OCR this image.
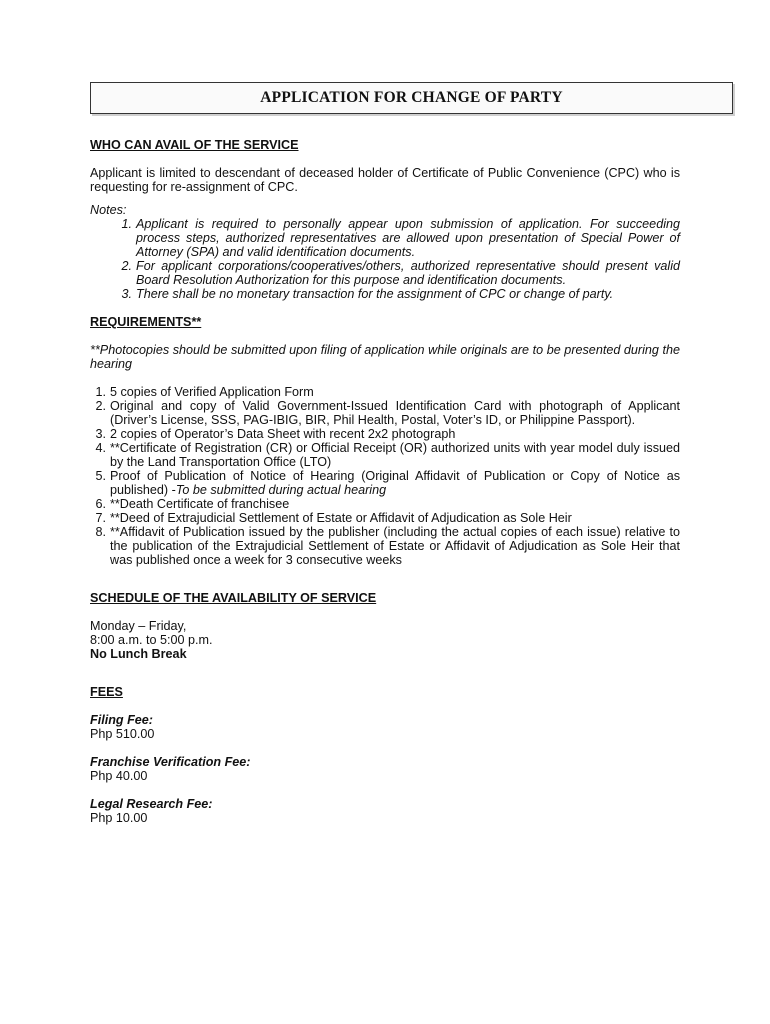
APPLICATION FOR CHANGE OF PARTY
WHO CAN AVAIL OF THE SERVICE

Applicant is limited to descendant of deceased holder of Certificate of Public Convenience (CPC) who is requesting for re-assignment of CPC.

Notes:

1. Applicant is required to personally appear upon submission of application. For succeeding process steps, authorized representatives are allowed upon presentation of Special Power of Attorney (SPA) and valid identification documents.
2. For applicant corporations/cooperatives/others, authorized representative should present valid Board Resolution Authorization for this purpose and identification documents.
3. There shall be no monetary transaction for the assignment of CPC or change of party.
REQUIREMENTS**

**Photocopies should be submitted upon filing of application while originals are to be presented during the hearing

1. 5 copies of Verified Application Form
2. Original and copy of Valid Government-Issued Identification Card with photograph of Applicant (Driver’s License, SSS, PAG-IBIG, BIR, Phil Health, Postal, Voter’s ID, or Philippine Passport).
3. 2 copies of Operator’s Data Sheet with recent 2x2 photograph
4. **Certificate of Registration (CR) or Official Receipt (OR) authorized units with year model duly issued by the Land Transportation Office (LTO)
5. Proof of Publication of Notice of Hearing (Original Affidavit of Publication or Copy of Notice as published) -To be submitted during actual hearing
6. **Death Certificate of franchisee
7. **Deed of Extrajudicial Settlement of Estate or Affidavit of Adjudication as Sole Heir
8. **Affidavit of Publication issued by the publisher (including the actual copies of each issue) relative to the publication of the Extrajudicial Settlement of Estate or Affidavit of Adjudication as Sole Heir that was published once a week for 3 consecutive weeks
SCHEDULE OF THE AVAILABILITY OF SERVICE

Monday – Friday,

8:00 a.m. to 5:00 p.m.

No Lunch Break

FEES

Filing Fee:

Php 510.00

Franchise Verification Fee:

Php 40.00

Legal Research Fee:

Php 10.00
